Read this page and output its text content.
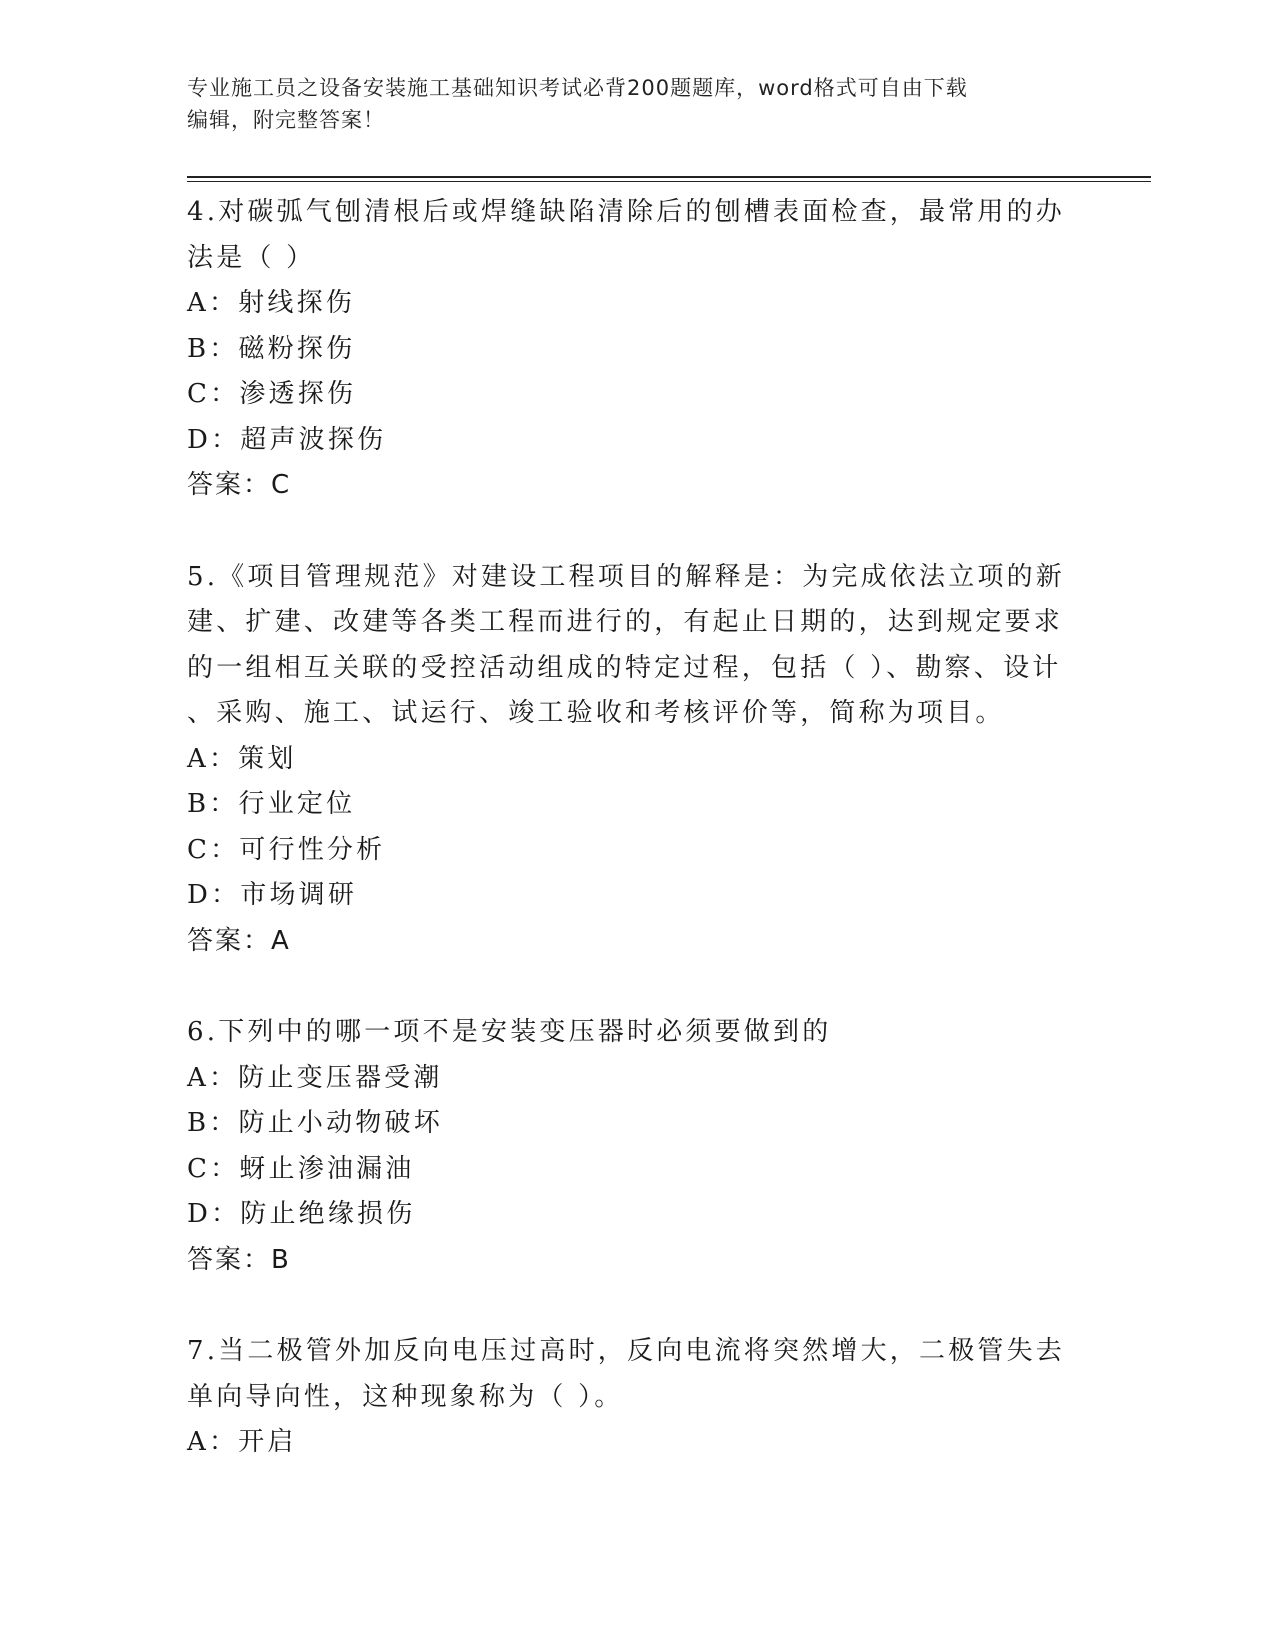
专业施工员之设备安装施工基础知识考试必背200题题库，word格式可自由下载
编辑，附完整答案！

4.对碳弧气刨清根后或焊缝缺陷清除后的刨槽表面检查，最常用的办

法是（ ）

A：射线探伤

B：磁粉探伤

C：渗透探伤

D：超声波探伤

答案：C

5.《项目管理规范》对建设工程项目的解释是：为完成依法立项的新

建、扩建、改建等各类工程而进行的，有起止日期的，达到规定要求

的一组相互关联的受控活动组成的特定过程，包括（ ）、勘察、设计

、采购、施工、试运行、竣工验收和考核评价等，简称为项目。

A：策划

B：行业定位

C：可行性分析

D：市场调研

答案：A

6.下列中的哪一项不是安装变压器时必须要做到的

A：防止变压器受潮

B：防止小动物破坏

C：蚜止渗油漏油

D：防止绝缘损伤

答案：B

7.当二极管外加反向电压过高时，反向电流将突然增大，二极管失去

单向导向性，这种现象称为（ ）。

A：开启
